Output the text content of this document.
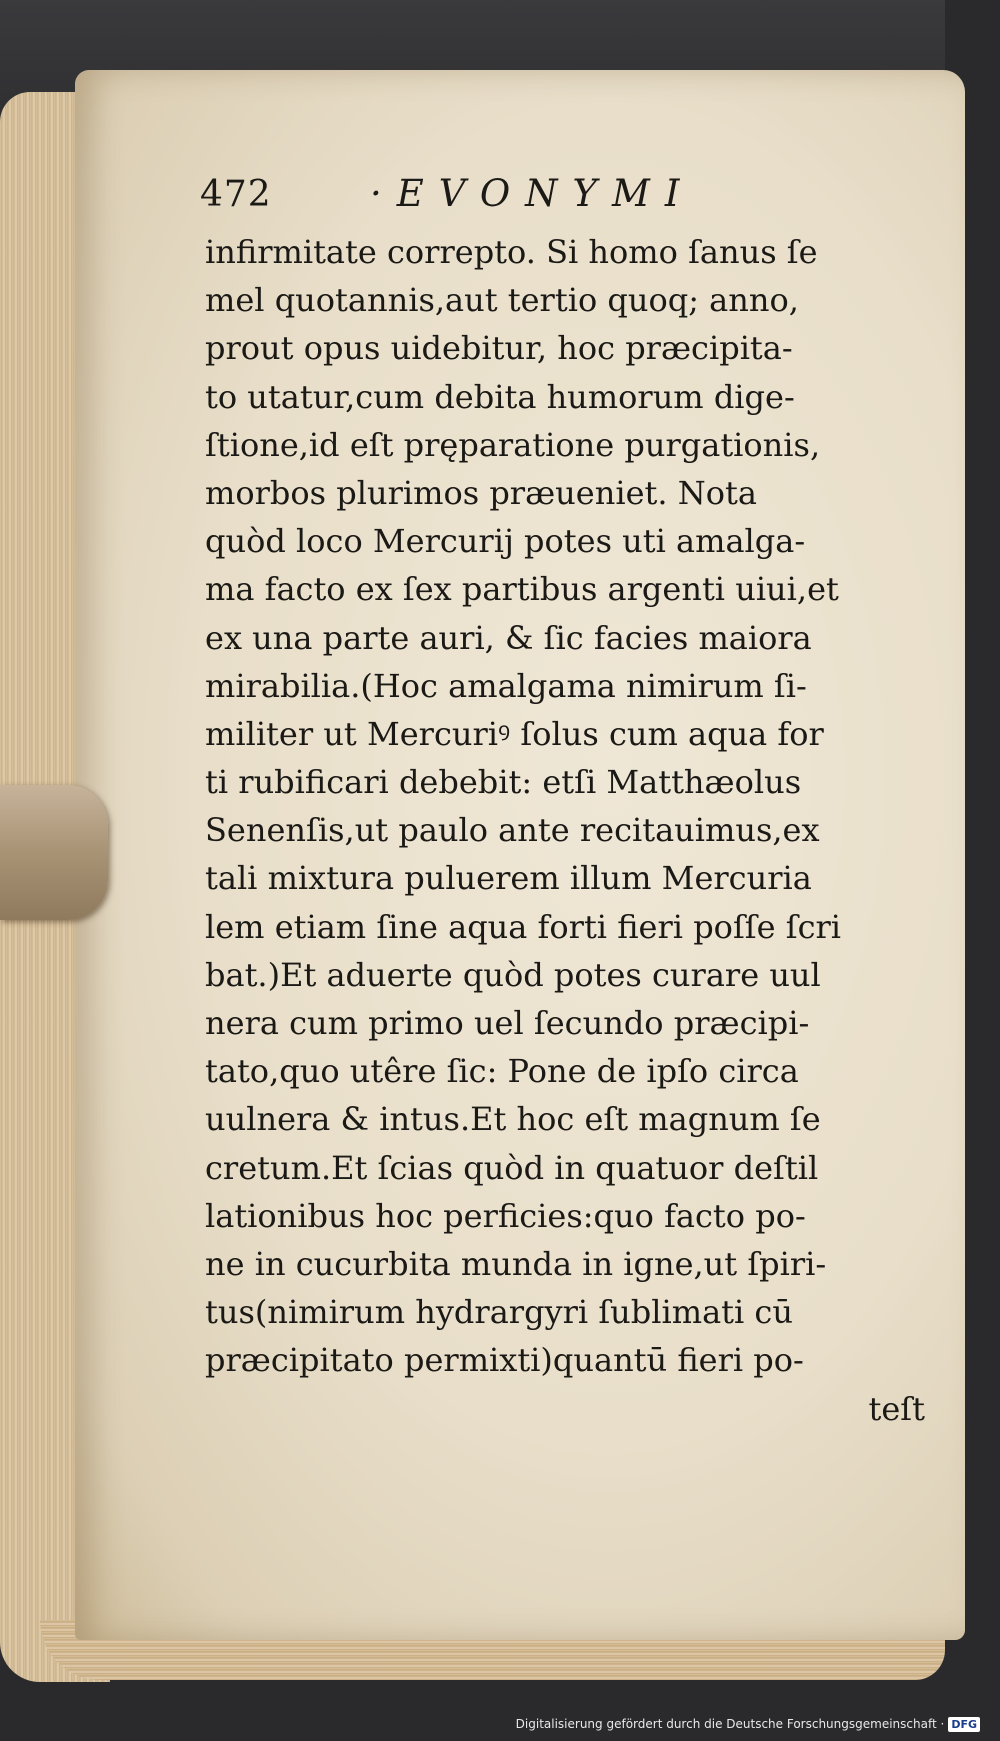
472	·EVONYMI
infirmitate correpto. Si homo ſanus ſe
mel quotannis,aut tertio quoq; anno,
prout opus uidebitur, hoc præcipita-
to utatur,cum debita humorum dige-
ſtione,id eſt pręparatione purgationis,
morbos plurimos præueniet. Nota
quòd loco Mercurij potes uti amalga-
ma facto ex ſex partibus argenti uiui,et
ex una parte auri, & ſic facies maiora
mirabilia.(Hoc amalgama nimirum ſi-
militer ut Mercuriꝰ ſolus cum aqua for
ti rubificari debebit: etſi Matthæolus
Senenſis,ut paulo ante recitauimus,ex
tali mixtura puluerem illum Mercuria
lem etiam ſine aqua forti fieri poſſe ſcri
bat.)Et aduerte quòd potes curare uul
nera cum primo uel ſecundo præcipi-
tato,quo utêre ſic: Pone de ipſo circa
uulnera & intus.Et hoc eſt magnum ſe
cretum.Et ſcias quòd in quatuor deſtil
lationibus hoc perficies:quo facto po-
ne in cucurbita munda in igne,ut ſpiri-
tus(nimirum hydrargyri ſublimati cū
præcipitato permixti)quantū fieri po-
teſt
Digitalisierung gefördert durch die Deutsche Forschungsgemeinschaft · DFG
